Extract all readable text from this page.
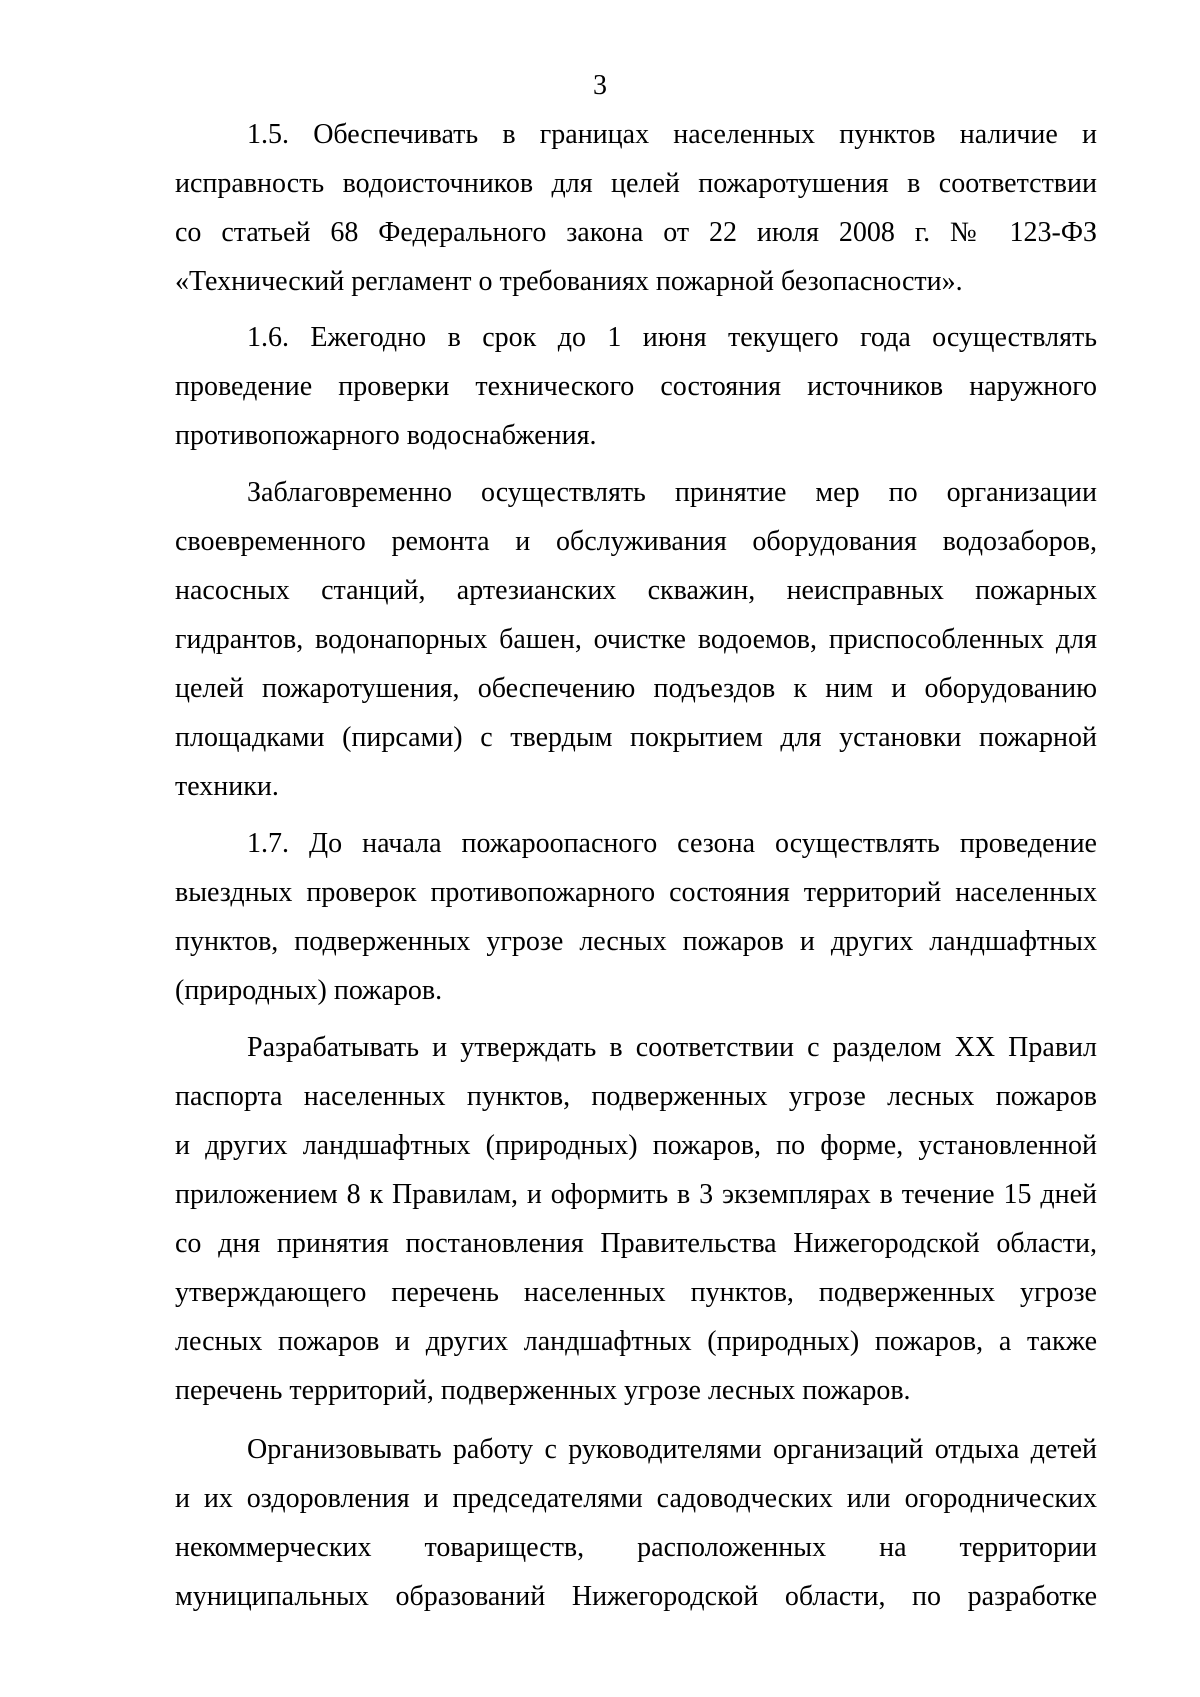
3
1.5. Обеспечивать в границах населенных пунктов наличие и
исправность водоисточников для целей пожаротушения в соответствии
со статьей 68 Федерального закона от 22 июля 2008 г. № 123-ФЗ
«Технический регламент о требованиях пожарной безопасности».
1.6. Ежегодно в срок до 1 июня текущего года осуществлять
проведение проверки технического состояния источников наружного
противопожарного водоснабжения.
Заблаговременно осуществлять принятие мер по организации
своевременного ремонта и обслуживания оборудования водозаборов,
насосных станций, артезианских скважин, неисправных пожарных
гидрантов, водонапорных башен, очистке водоемов, приспособленных для
целей пожаротушения, обеспечению подъездов к ним и оборудованию
площадками (пирсами) с твердым покрытием для установки пожарной
техники.
1.7. До начала пожароопасного сезона осуществлять проведение
выездных проверок противопожарного состояния территорий населенных
пунктов, подверженных угрозе лесных пожаров и других ландшафтных
(природных) пожаров.
Разрабатывать и утверждать в соответствии с разделом XX Правил
паспорта населенных пунктов, подверженных угрозе лесных пожаров
и других ландшафтных (природных) пожаров, по форме, установленной
приложением 8 к Правилам, и оформить в 3 экземплярах в течение 15 дней
со дня принятия постановления Правительства Нижегородской области,
утверждающего перечень населенных пунктов, подверженных угрозе
лесных пожаров и других ландшафтных (природных) пожаров, а также
перечень территорий, подверженных угрозе лесных пожаров.
Организовывать работу с руководителями организаций отдыха детей
и их оздоровления и председателями садоводческих или огороднических
некоммерческих товариществ, расположенных на территории
муниципальных образований Нижегородской области, по разработке
